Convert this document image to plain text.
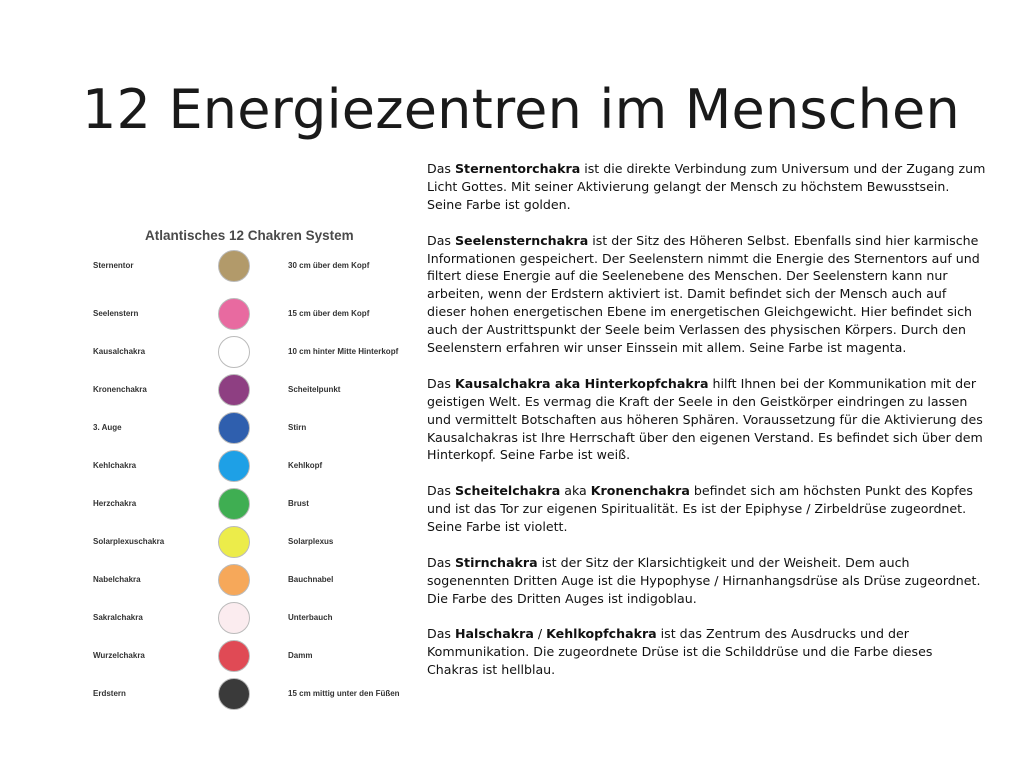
12 Energiezentren im Menschen
Atlantisches 12 Chakren System
Sternentor	30 cm über dem Kopf
Seelenstern	15 cm über dem Kopf
Kausalchakra	10 cm hinter Mitte Hinterkopf
Kronenchakra	Scheitelpunkt
3. Auge	Stirn
Kehlchakra	Kehlkopf
Herzchakra	Brust
Solarplexuschakra	Solarplexus
Nabelchakra	Bauchnabel
Sakralchakra	Unterbauch
Wurzelchakra	Damm
Erdstern	15 cm mittig unter den Füßen

Das Sternentorchakra ist die direkte Verbindung zum Universum und der Zugang zum Licht Gottes. Mit seiner Aktivierung gelangt der Mensch zu höchstem Bewusstsein. Seine Farbe ist golden.

Das Seelensternchakra ist der Sitz des Höheren Selbst. Ebenfalls sind hier karmische Informationen gespeichert. Der Seelenstern nimmt die Energie des Sternentors auf und filtert diese Energie auf die Seelenebene des Menschen. Der Seelenstern kann nur arbeiten, wenn der Erdstern aktiviert ist. Damit befindet sich der Mensch auch auf dieser hohen energetischen Ebene im energetischen Gleichgewicht. Hier befindet sich auch der Austrittspunkt der Seele beim Verlassen des physischen Körpers. Durch den Seelenstern erfahren wir unser Einssein mit allem. Seine Farbe ist magenta.

Das Kausalchakra aka Hinterkopfchakra hilft Ihnen bei der Kommunikation mit der geistigen Welt. Es vermag die Kraft der Seele in den Geistkörper eindringen zu lassen und vermittelt Botschaften aus höheren Sphären. Voraussetzung für die Aktivierung des Kausalchakras ist Ihre Herrschaft über den eigenen Verstand. Es befindet sich über dem Hinterkopf. Seine Farbe ist weiß.

Das Scheitelchakra aka Kronenchakra befindet sich am höchsten Punkt des Kopfes und ist das Tor zur eigenen Spiritualität. Es ist der Epiphyse / Zirbeldrüse zugeordnet. Seine Farbe ist violett.

Das Stirnchakra ist der Sitz der Klarsichtigkeit und der Weisheit. Dem auch sogenennten Dritten Auge ist die Hypophyse / Hirnanhangsdrüse als Drüse zugeordnet. Die Farbe des Dritten Auges ist indigoblau.

Das Halschakra / Kehlkopfchakra ist das Zentrum des Ausdrucks und der Kommunikation. Die zugeordnete Drüse ist die Schilddrüse und die Farbe dieses Chakras ist hellblau.
